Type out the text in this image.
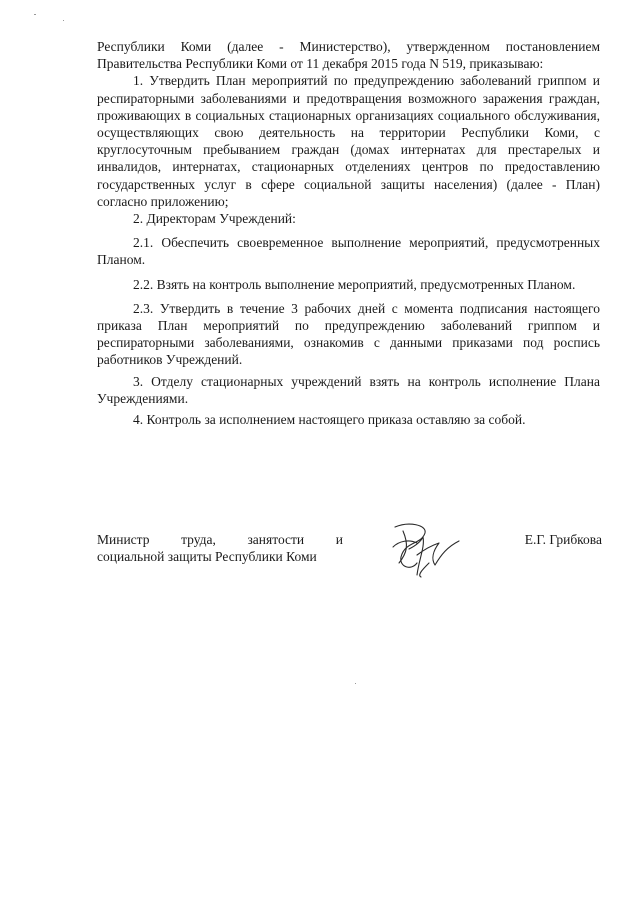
Республики Коми (далее - Министерство), утвержденном постановлением Правительства Республики Коми от 11 декабря 2015 года N 519, приказываю:

1. Утвердить План мероприятий по предупреждению заболеваний гриппом и респираторными заболеваниями и предотвращения возможного заражения граждан, проживающих в социальных стационарных организациях социального обслуживания, осуществляющих свою деятельность на территории Республики Коми, с круглосуточным пребыванием граждан (домах интернатах для престарелых и инвалидов, интернатах, стационарных отделениях центров по предоставлению государственных услуг в сфере социальной защиты населения) (далее - План) согласно приложению;

2. Директорам Учреждений:

2.1. Обеспечить своевременное выполнение мероприятий, предусмотренных Планом.

2.2. Взять на контроль выполнение мероприятий, предусмотренных Планом.

2.3. Утвердить в течение 3 рабочих дней с момента подписания настоящего приказа План мероприятий по предупреждению заболеваний гриппом и респираторными заболеваниями, ознакомив с данными приказами под роспись работников Учреждений.

3. Отделу стационарных учреждений взять на контроль исполнение Плана Учреждениями.

4. Контроль за исполнением настоящего приказа оставляю за собой.

Министр труда, занятости и

социальной защиты Республики Коми

Е.Г. Грибкова
